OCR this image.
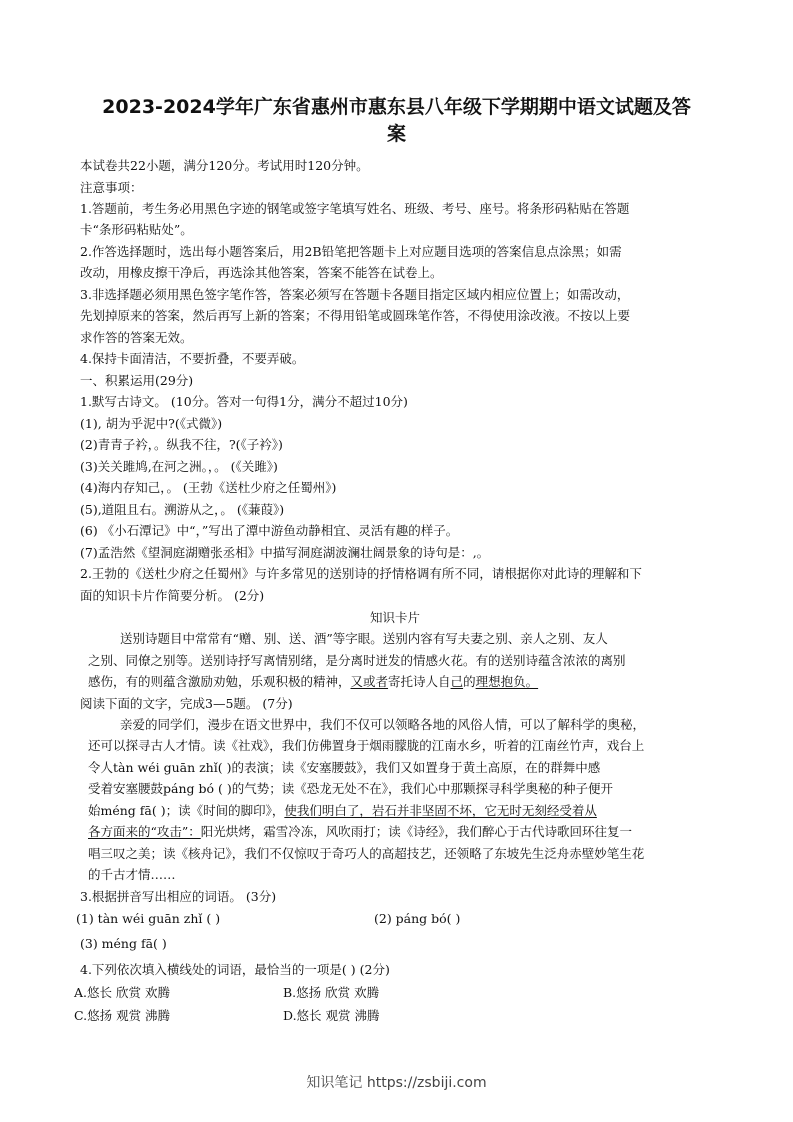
2023-2024学年广东省惠州市惠东县八年级下学期期中语文试题及答
案
本试卷共22小题，满分120分。考试用时120分钟。
注意事项：
1.答题前，考生务必用黑色字迹的钢笔或签字笔填写姓名、班级、考号、座号。将条形码粘贴在答题
卡“条形码粘贴处”。
2.作答选择题时，选出每小题答案后，用2B铅笔把答题卡上对应题目选项的答案信息点涂黑；如需
改动，用橡皮擦干净后，再选涂其他答案，答案不能答在试卷上。
3.非选择题必须用黑色签字笔作答，答案必须写在答题卡各题目指定区域内相应位置上；如需改动，
先划掉原来的答案，然后再写上新的答案；不得用铅笔或圆珠笔作答，不得使用涂改液。不按以上要
求作答的答案无效。
4.保持卡面清洁，不要折叠，不要弄破。
一、积累运用(29分)
1.默写古诗文。 (10分。答对一句得1分，满分不超过10分)
(1), 胡为乎泥中?(《式微》)
(2)青青子衿，。纵我不往，?(《子衿》)
(3)关关雎鸠,在河之洲。，。 (《关雎》)
(4)海内存知己，。 (王勃《送杜少府之任蜀州》)
(5),道阻且右。溯游从之，。 (《蒹葭》)
(6) 《小石潭记》中“，”写出了潭中游鱼动静相宜、灵活有趣的样子。
(7)孟浩然《望洞庭湖赠张丞相》中描写洞庭湖波澜壮阔景象的诗句是：,。
2.王勃的《送杜少府之任蜀州》与许多常见的送别诗的抒情格调有所不同，请根据你对此诗的理解和下
面的知识卡片作简要分析。 (2分)
知识卡片
送别诗题目中常常有“赠、别、送、酒”等字眼。送别内容有写夫妻之别、亲人之别、友人
之别、同僚之别等。送别诗抒写离情别绪，是分离时迸发的情感火花。有的送别诗蕴含浓浓的离别
感伤，有的则蕴含激励劝勉，乐观积极的精神，又或者寄托诗人自己的理想抱负。
阅读下面的文字，完成3—5题。 (7分)
亲爱的同学们，漫步在语文世界中，我们不仅可以领略各地的风俗人情，可以了解科学的奥秘，
还可以探寻古人才情。读《社戏》，我们仿佛置身于烟雨朦胧的江南水乡，听着的江南丝竹声，戏台上
令人tàn wéi guān zhǐ( )的表演；读《安塞腰鼓》，我们又如置身于黄土高原，在的群舞中感
受着安塞腰鼓páng bó ( )的气势；读《恐龙无处不在》，我们心中那颗探寻科学奥秘的种子便开
始méng fā( )；读《时间的脚印》，使我们明白了，岩石并非坚固不坏，它无时无刻经受着从
各方面来的“攻击”：阳光烘烤，霜雪冷冻，风吹雨打；读《诗经》，我们醉心于古代诗歌回环往复一
唱三叹之美；读《核舟记》，我们不仅惊叹于奇巧人的高超技艺，还领略了东坡先生泛舟赤壁妙笔生花
的千古才情……
3.根据拼音写出相应的词语。 (3分)
(1) tàn wéi guān zhǐ ( )	(2) páng bó( )
(3) méng fā( )
4.下列依次填入横线处的词语，最恰当的一项是( ) (2分)
A.悠长 欣赏 欢腾	B.悠扬 欣赏 欢腾
C.悠扬 观赏 沸腾	D.悠长 观赏 沸腾
知识笔记 https://zsbiji.com
